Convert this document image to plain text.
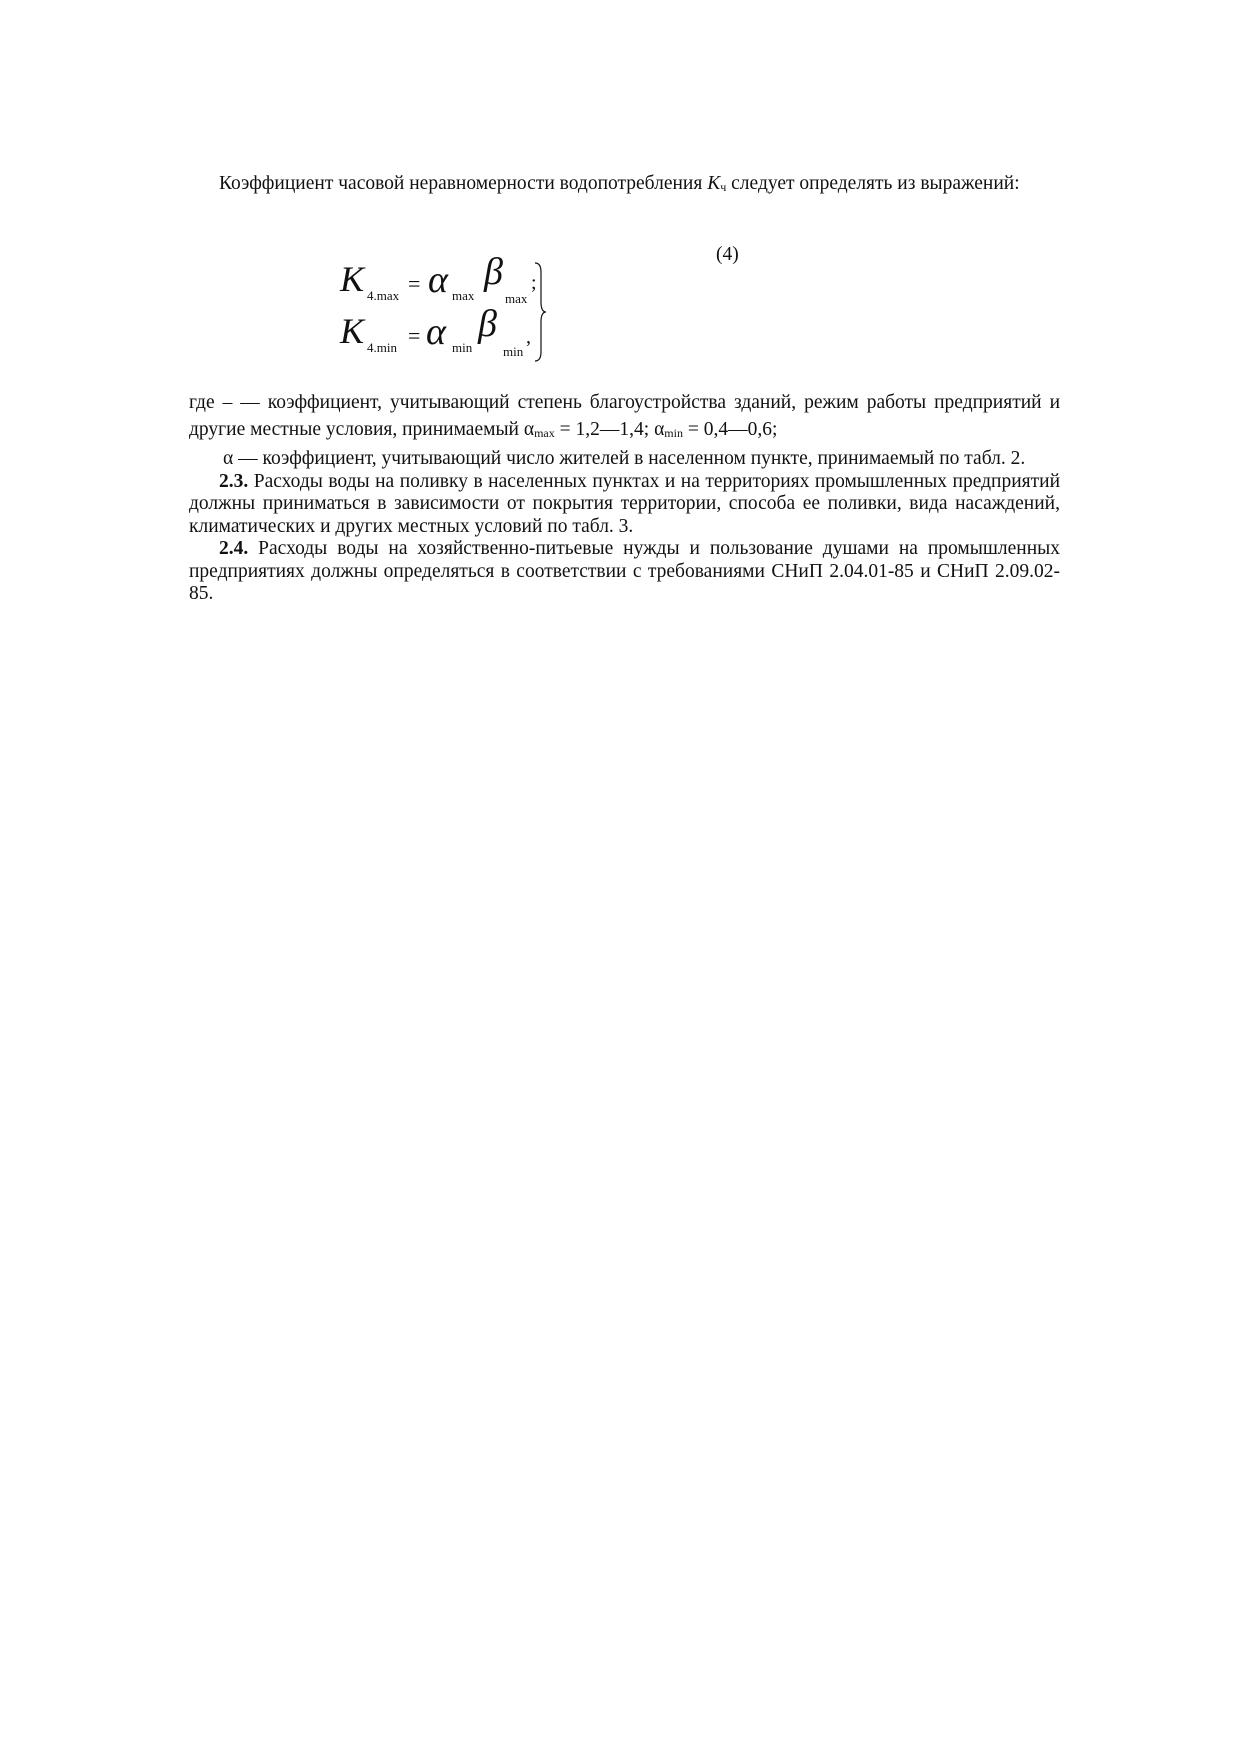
Коэффициент часовой неравномерности водопотребления Kч следует определять из выражений:

(4)
K 4.max = α max
β
max
;
K 4.min = α min
β
min
,

где – — коэффициент, учитывающий степень благоустройства зданий, режим работы предприятий и другие местные условия, принимаемый αmax = 1,2—1,4; αmin = 0,4—0,6;

α — коэффициент, учитывающий число жителей в населенном пункте, принимаемый по табл. 2.

2.3. Расходы воды на поливку в населенных пунктах и на территориях промышленных предприятий должны приниматься в зависимости от покрытия территории, способа ее поливки, вида насаждений, климатических и других местных условий по табл. 3.

2.4. Расходы воды на хозяйственно-питьевые нужды и пользование душами на промышленных предприятиях должны определяться в соответствии с требованиями СНиП 2.04.01-85 и СНиП 2.09.02-85.
